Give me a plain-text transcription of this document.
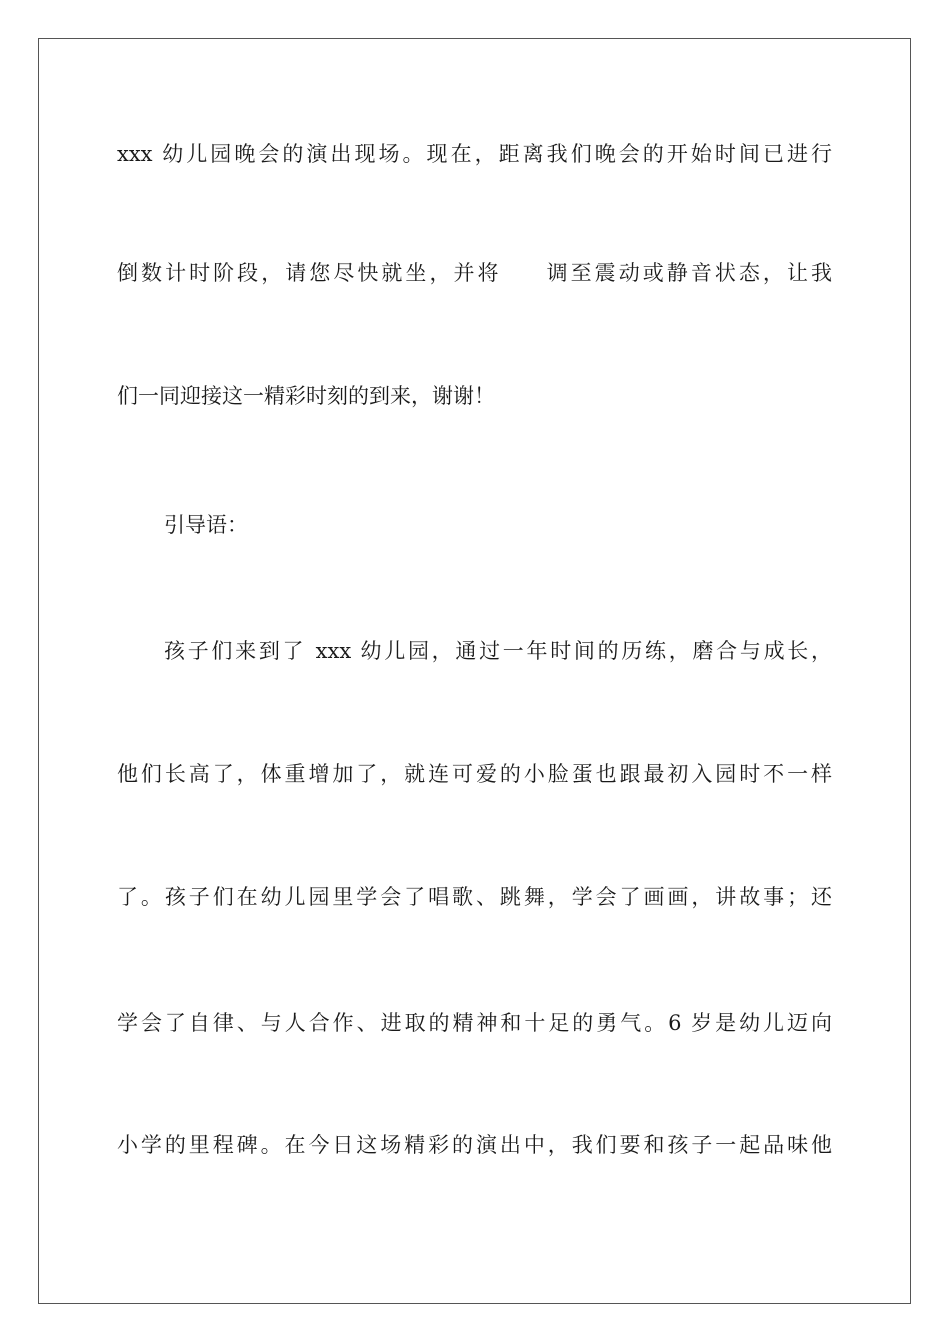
xxx 幼儿园晚会的演出现场。现在，距离我们晚会的开始时间已进行
倒数计时阶段，请您尽快就坐，并将 调至震动或静音状态，让我
们一同迎接这一精彩时刻的到来，谢谢！
引导语：
孩子们来到了 xxx 幼儿园，通过一年时间的历练，磨合与成长，
他们长高了，体重增加了，就连可爱的小脸蛋也跟最初入园时不一样
了。孩子们在幼儿园里学会了唱歌、跳舞，学会了画画，讲故事；还
学会了自律、与人合作、进取的精神和十足的勇气。6 岁是幼儿迈向
小学的里程碑。在今日这场精彩的演出中，我们要和孩子一起品味他
